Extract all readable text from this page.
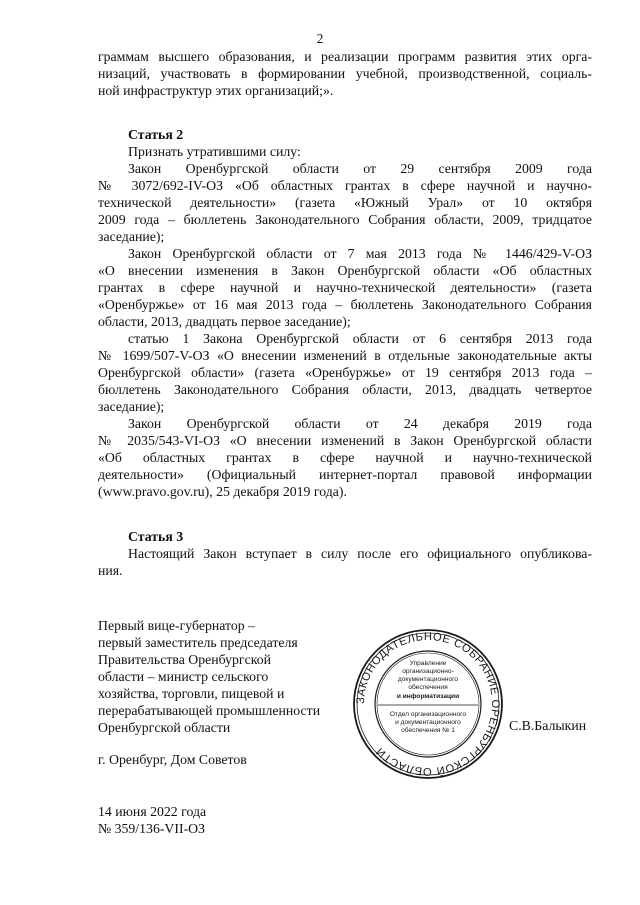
2
граммам высшего образования, и реализации программ развития этих орга-
низаций, участвовать в формировании учебной, производственной, социаль-
ной инфраструктур этих организаций;».
Статья 2
Признать утратившими силу:
Закон Оренбургской области от 29 сентября 2009 года
№ 3072/692-IV-ОЗ «Об областных грантах в сфере научной и научно-
технической деятельности» (газета «Южный Урал» от 10 октября
2009 года – бюллетень Законодательного Собрания области, 2009, тридцатое
заседание);
Закон Оренбургской области от 7 мая 2013 года № 1446/429-V-ОЗ
«О внесении изменения в Закон Оренбургской области «Об областных
грантах в сфере научной и научно-технической деятельности» (газета
«Оренбуржье» от 16 мая 2013 года – бюллетень Законодательного Собрания
области, 2013, двадцать первое заседание);
статью 1 Закона Оренбургской области от 6 сентября 2013 года
№ 1699/507-V-ОЗ «О внесении изменений в отдельные законодательные акты
Оренбургской области» (газета «Оренбуржье» от 19 сентября 2013 года –
бюллетень Законодательного Собрания области, 2013, двадцать четвертое
заседание);
Закон Оренбургской области от 24 декабря 2019 года
№ 2035/543-VI-ОЗ «О внесении изменений в Закон Оренбургской области
«Об областных грантах в сфере научной и научно-технической
деятельности» (Официальный интернет-портал правовой информации
(www.pravo.gov.ru), 25 декабря 2019 года).
Статья 3
Настоящий Закон вступает в силу после его официального опубликова-
ния.
Первый вице-губернатор –
первый заместитель председателя
Правительства Оренбургской
области – министр сельского
хозяйства, торговли, пищевой и
перерабатывающей промышленности
Оренбургской области
ЗАКОНОДАТЕЛЬНОЕ СОБРАНИЕ ОРЕНБУРГСКОЙ ОБЛАСТИ
Управление
организационно-
документационного
обеспечения
и информатизации
Отдел организационного
и документационного
обеспечения № 1	С.В.Балыкин
г. Оренбург, Дом Советов
14 июня 2022 года
№ 359/136-VII-ОЗ
